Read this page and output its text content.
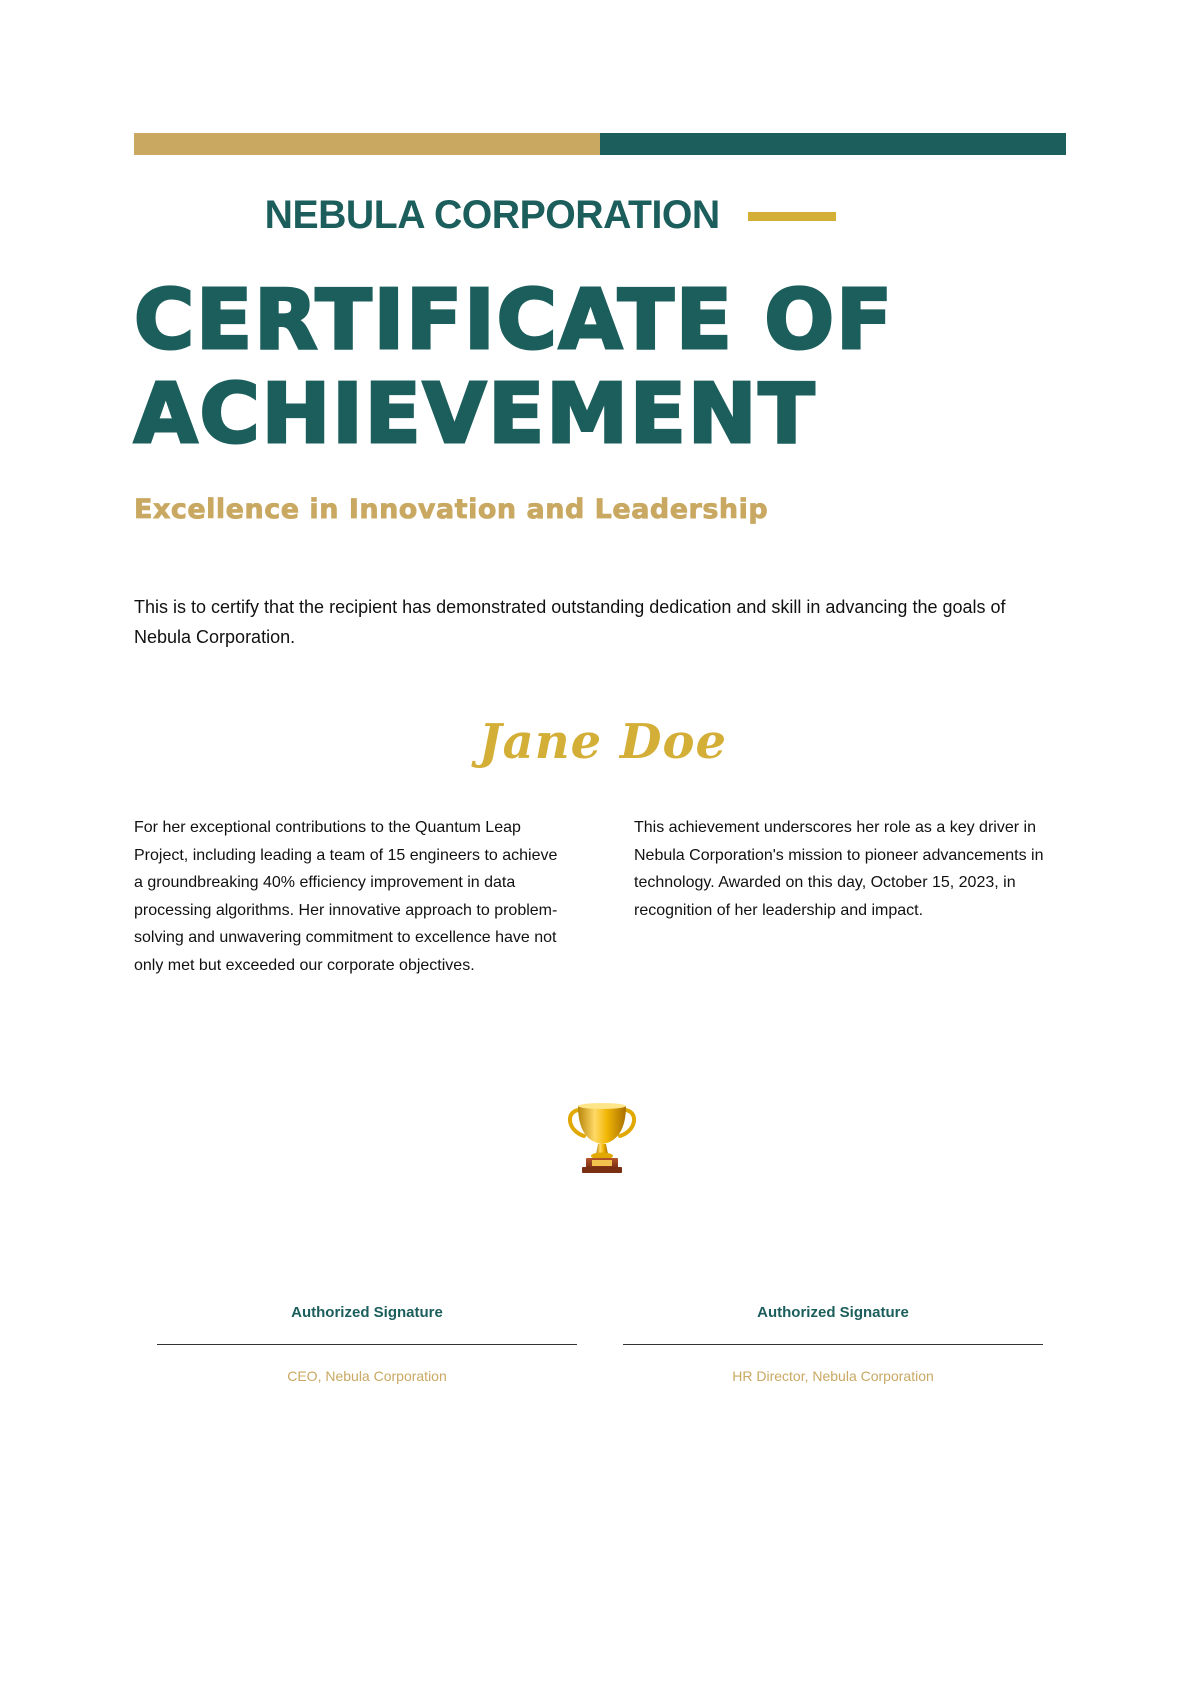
NEBULA CORPORATION
CERTIFICATE OF
ACHIEVEMENT
Excellence in Innovation and Leadership

This is to certify that the recipient has demonstrated outstanding dedication and skill in advancing the goals of Nebula Corporation.

Jane Doe

For her exceptional contributions to the Quantum Leap Project, including leading a team of 15 engineers to achieve a groundbreaking 40% efficiency improvement in data processing algorithms. Her innovative approach to problem-solving and unwavering commitment to excellence have not only met but exceeded our corporate objectives.

This achievement underscores her role as a key driver in Nebula Corporation's mission to pioneer advancements in technology. Awarded on this day, October 15, 2023, in recognition of her leadership and impact.

Authorized Signature
CEO, Nebula Corporation
Authorized Signature
HR Director, Nebula Corporation
